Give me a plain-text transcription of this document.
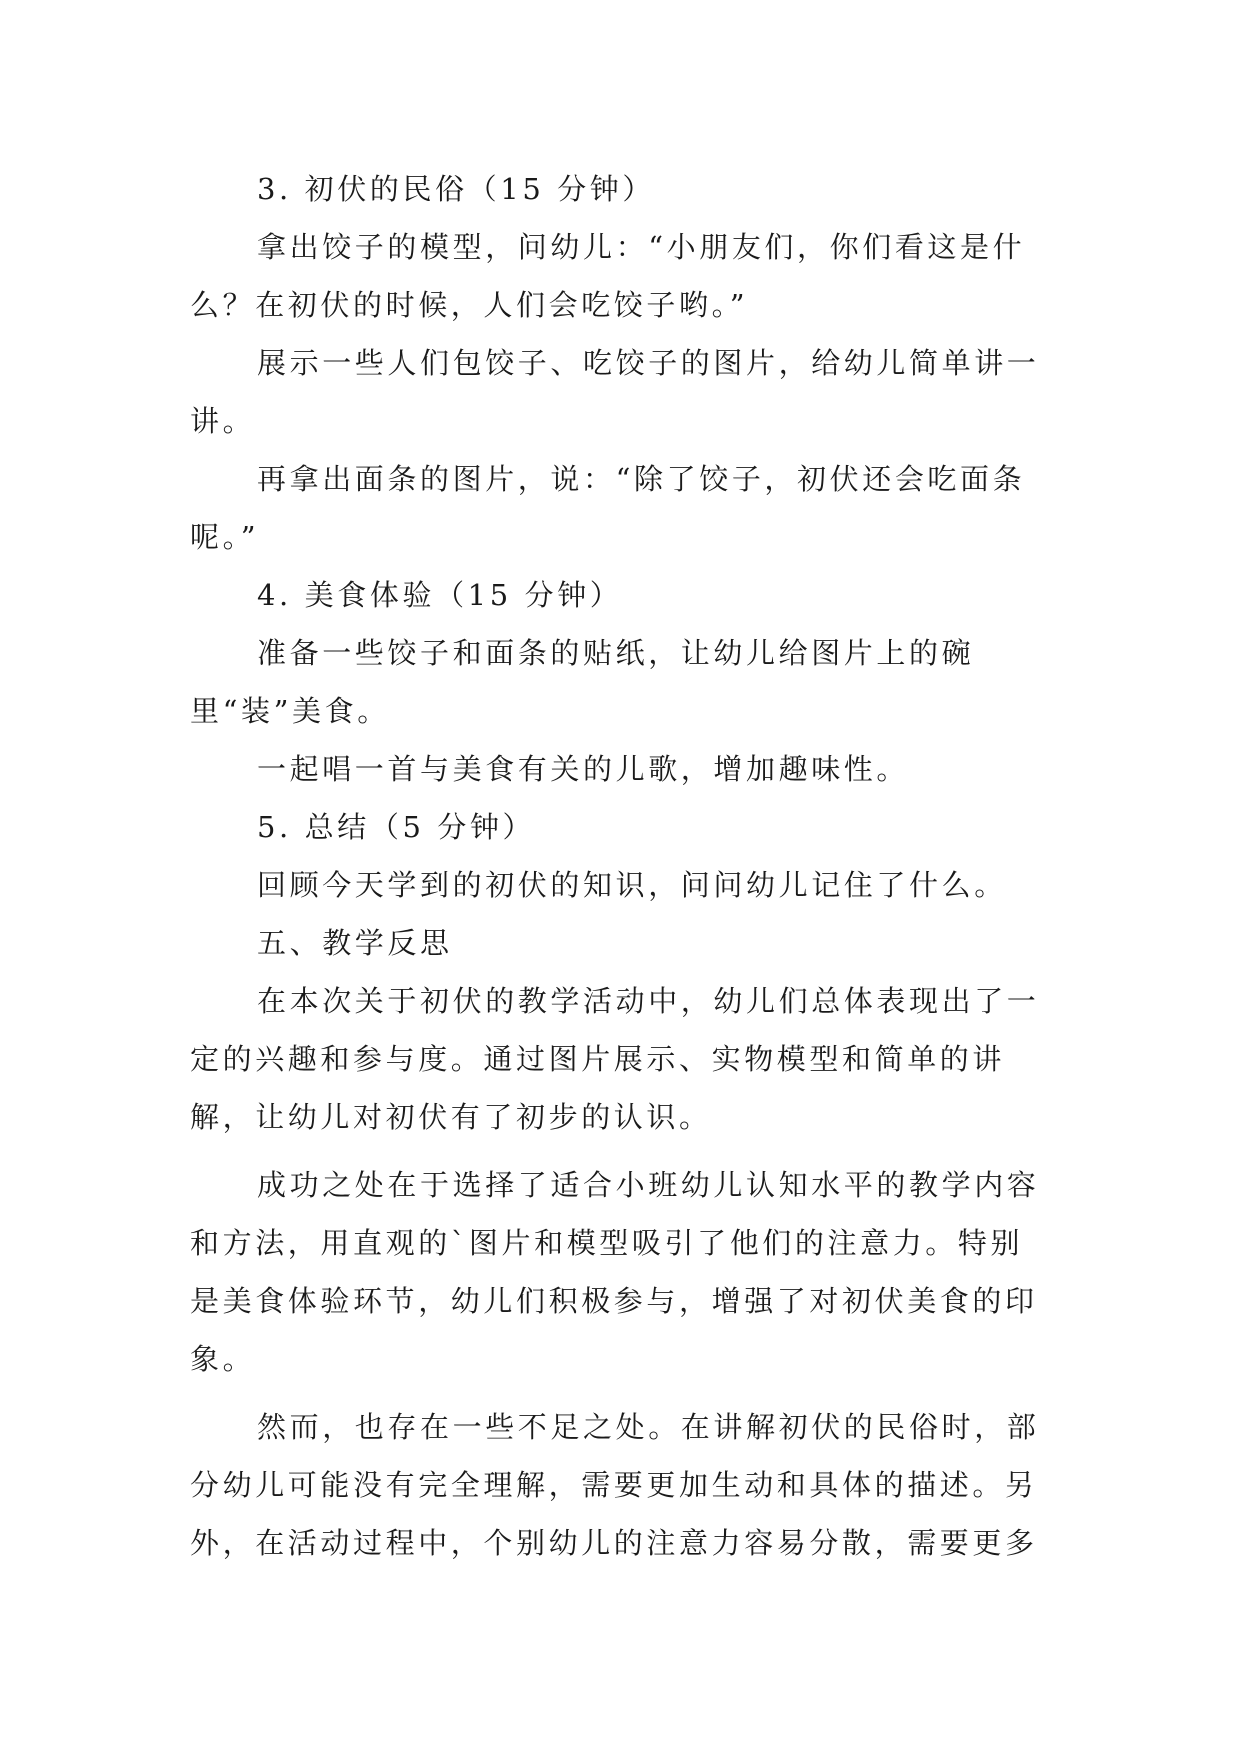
3. 初伏的民俗（15 分钟）

拿出饺子的模型，问幼儿：“小朋友们，你们看这是什么？在初伏的时候，人们会吃饺子哟。”

展示一些人们包饺子、吃饺子的图片，给幼儿简单讲一讲。

再拿出面条的图片，说：“除了饺子，初伏还会吃面条呢。”

4. 美食体验（15 分钟）

准备一些饺子和面条的贴纸，让幼儿给图片上的碗里“装”美食。

一起唱一首与美食有关的儿歌，增加趣味性。

5. 总结（5 分钟）

回顾今天学到的初伏的知识，问问幼儿记住了什么。

五、教学反思

在本次关于初伏的教学活动中，幼儿们总体表现出了一定的兴趣和参与度。通过图片展示、实物模型和简单的讲解，让幼儿对初伏有了初步的认识。

成功之处在于选择了适合小班幼儿认知水平的教学内容和方法，用直观的`图片和模型吸引了他们的注意力。特别是美食体验环节，幼儿们积极参与，增强了对初伏美食的印象。

然而，也存在一些不足之处。在讲解初伏的民俗时，部分幼儿可能没有完全理解，需要更加生动和具体的描述。另外，在活动过程中，个别幼儿的注意力容易分散，需要更多
